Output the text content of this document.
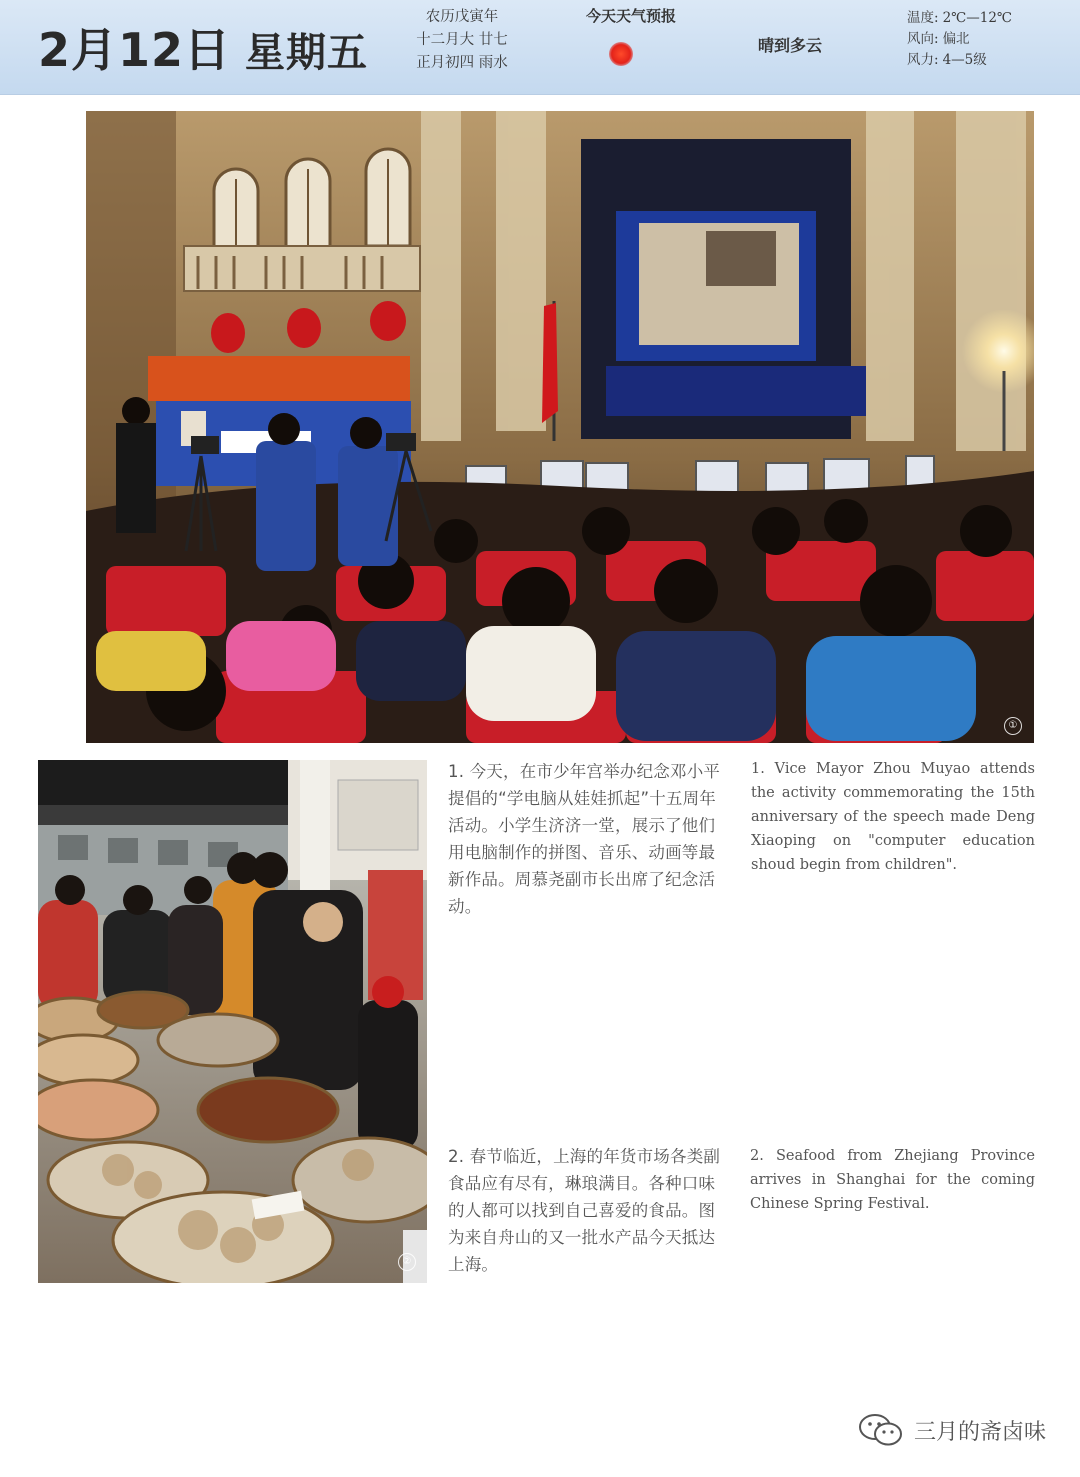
2月12日 星期五
农历戊寅年
十二月大 廿七
正月初四 雨水
今天天气预报
晴到多云
温度: 2℃—12℃
风向: 偏北
风力: 4—5级
①
②
1. 今天，在市少年宫举办纪念邓小平提倡的“学电脑从娃娃抓起”十五周年活动。小学生济济一堂，展示了他们用电脑制作的拼图、音乐、动画等最新作品。周慕尧副市长出席了纪念活动。
1. Vice Mayor Zhou Muyao attends the activity commemorating the 15th anniversary of the speech made Deng Xiaoping on "computer education shoud begin from children".
2. 春节临近，上海的年货市场各类副食品应有尽有，琳琅满目。各种口味的人都可以找到自己喜爱的食品。图为来自舟山的又一批水产品今天抵达上海。
2. Seafood from Zhejiang Province arrives in Shanghai for the coming Chinese Spring Festival.
三月的斋卤味
